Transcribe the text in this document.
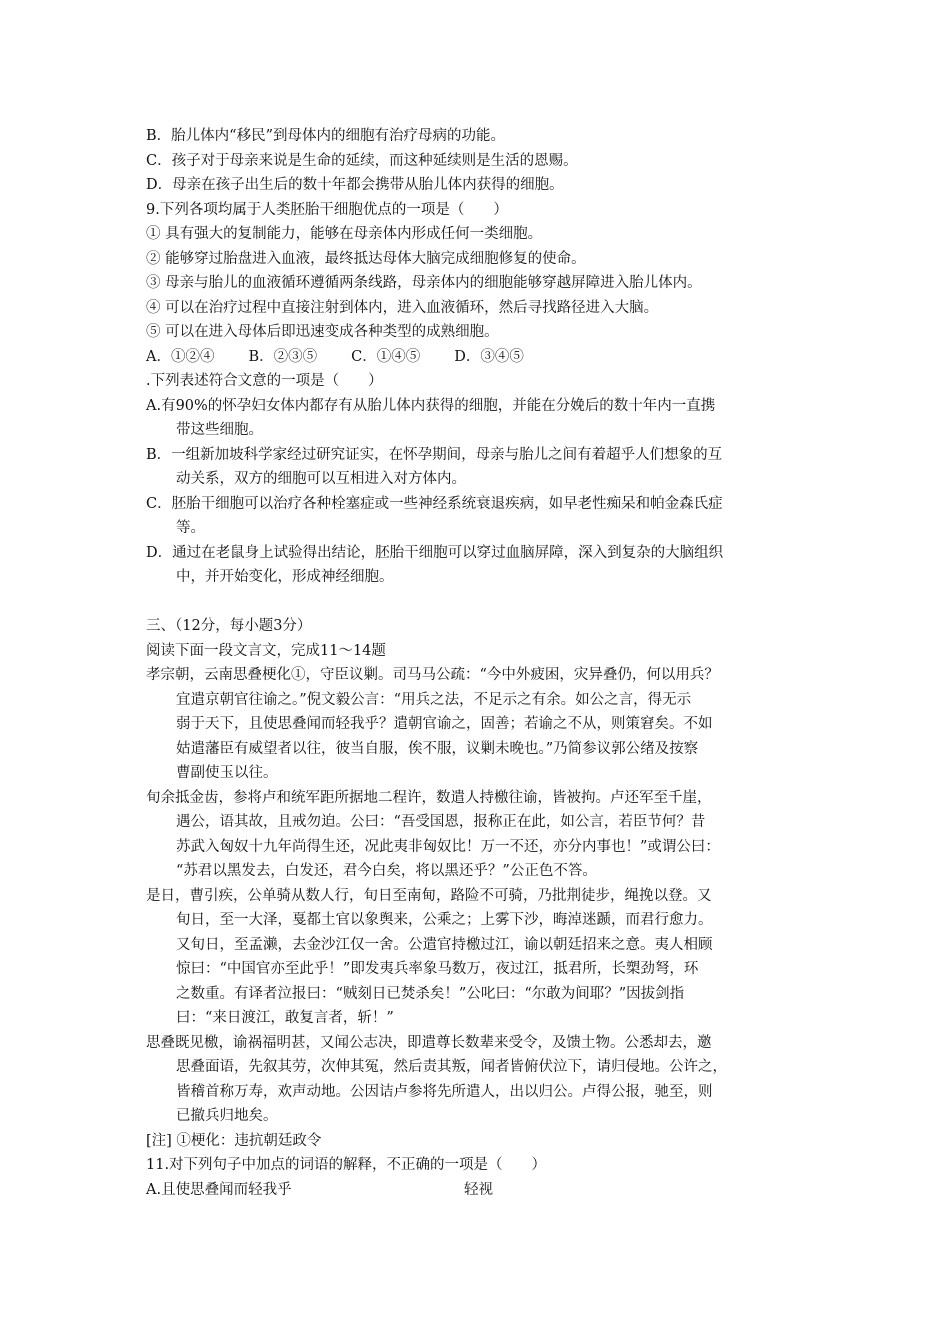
B．胎儿体内“移民”到母体内的细胞有治疗母病的功能。
C．孩子对于母亲来说是生命的延续，而这种延续则是生活的恩赐。
D．母亲在孩子出生后的数十年都会携带从胎儿体内获得的细胞。
9.下列各项均属于人类胚胎干细胞优点的一项是（　　）
① 具有强大的复制能力，能够在母亲体内形成任何一类细胞。
② 能够穿过胎盘进入血液，最终抵达母体大脑完成细胞修复的使命。
③ 母亲与胎儿的血液循环遵循两条线路，母亲体内的细胞能够穿越屏障进入胎儿体内。
④ 可以在治疗过程中直接注射到体内，进入血液循环，然后寻找路径进入大脑。
⑤ 可以在进入母体后即迅速变成各种类型的成熟细胞。
A．①②④ B．②③⑤ C．①④⑤ D．③④⑤
.下列表述符合文意的一项是（　　）
A.有90%的怀孕妇女体内都存有从胎儿体内获得的细胞，并能在分娩后的数十年内一直携
带这些细胞。
B．一组新加坡科学家经过研究证实，在怀孕期间，母亲与胎儿之间有着超乎人们想象的互
动关系，双方的细胞可以互相进入对方体内。
C．胚胎干细胞可以治疗各种栓塞症或一些神经系统衰退疾病，如早老性痴呆和帕金森氏症
等。
D．通过在老鼠身上试验得出结论，胚胎干细胞可以穿过血脑屏障，深入到复杂的大脑组织
中，并开始变化，形成神经细胞。
三、（12分，每小题3分）
阅读下面一段文言文，完成11～14题
孝宗朝，云南思叠梗化①，守臣议剿。司马马公疏：“今中外疲困，灾异叠仍，何以用兵？
宜遣京朝官往谕之。”倪文毅公言：“用兵之法，不足示之有余。如公之言，得无示
弱于天下，且使思叠闻而轻我乎？遣朝官谕之，固善；若谕之不从，则策窘矣。不如
姑遣藩臣有威望者以往，彼当自服，俟不服，议剿未晚也。”乃简参议郭公绪及按察
曹副使玉以往。
旬余抵金齿，参将卢和统军距所据地二程许，数遣人持檄往谕，皆被拘。卢还军至千崖，
遇公，语其故，且戒勿迫。公曰：“吾受国恩，报称正在此，如公言，若臣节何？昔
苏武入匈奴十九年尚得生还，况此夷非匈奴比！万一不还，亦分内事也！”或谓公曰：
“苏君以黑发去，白发还，君今白矣，将以黑还乎？”公正色不答。
是日，曹引疾，公单骑从数人行，旬日至南甸，路险不可骑，乃批荆徒步，绳挽以登。又
旬日，至一大泽，戛都土官以象舆来，公乘之；上雾下沙，晦淖迷踬，而君行愈力。
又旬日，至孟濑，去金沙江仅一舍。公遣官持檄过江，谕以朝廷招来之意。夷人相顾
惊曰：“中国官亦至此乎！”即发夷兵率象马数万，夜过江，抵君所，长槊劲弩，环
之数重。有译者泣报曰：“贼刻日已焚杀矣！”公叱曰：“尔敢为间耶？”因拔剑指
曰：“来日渡江，敢复言者，斩！”
思叠既见檄，谕祸福明甚，又闻公志决，即遣尊长数辈来受令，及馈土物。公悉却去，邀
思叠面语，先叙其劳，次伸其冤，然后责其叛，闻者皆俯伏泣下，请归侵地。公许之，
皆稽首称万寿，欢声动地。公因诘卢参将先所遣人，出以归公。卢得公报，驰至，则
已撤兵归地矣。
[注] ①梗化：违抗朝廷政令
11.对下列句子中加点的词语的解释，不正确的一项是（　　）
A.且使思叠闻而轻我乎	轻视
